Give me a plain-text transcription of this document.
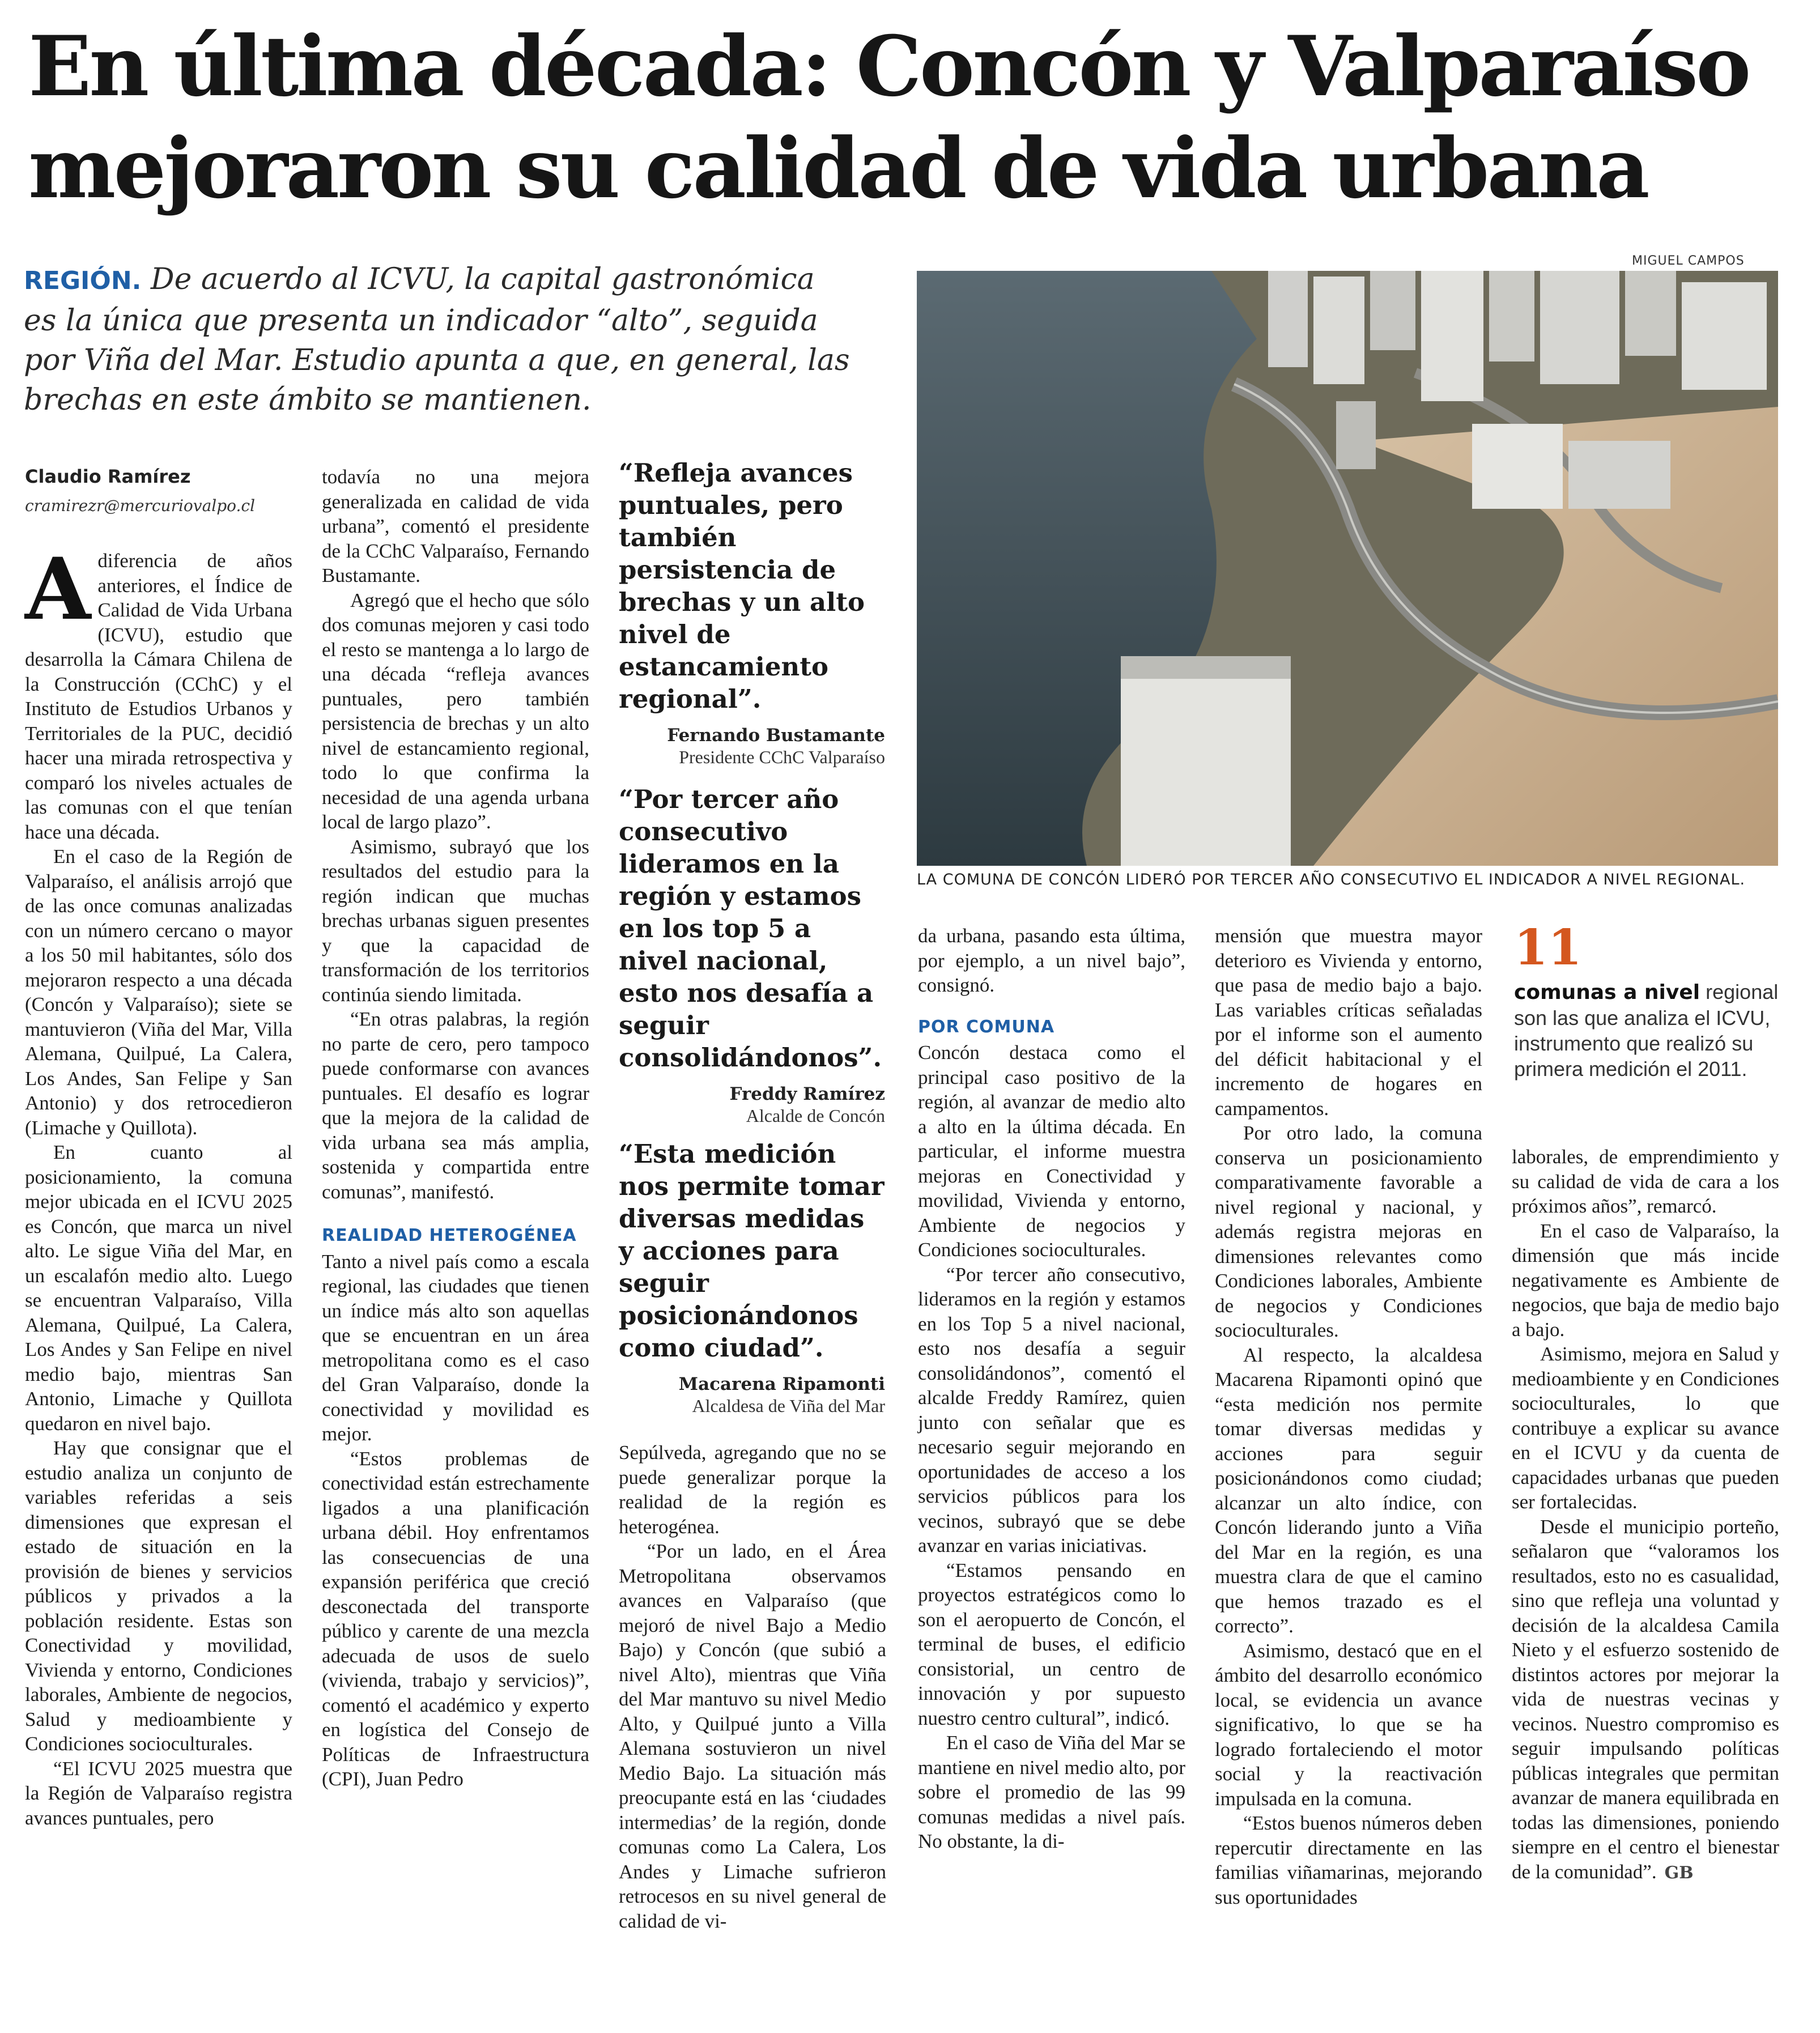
En última década: Concón y Valparaíso mejoraron su calidad de vida urbana
REGIÓN. De acuerdo al ICVU, la capital gastronómica es la única que presenta un indicador “alto”, seguida por Viña del Mar. Estudio apunta a que, en general, las brechas en este ámbito se mantienen.
MIGUEL CAMPOS
LA COMUNA DE CONCÓN LIDERÓ POR TERCER AÑO CONSECUTIVO EL INDICADOR A NIVEL REGIONAL.
Claudio Ramírez
cramirezr@mercuriovalpo.cl

Adiferencia de años anteriores, el Índice de Calidad de Vida Urbana (ICVU), estudio que desarrolla la Cámara Chilena de la Construcción (CChC) y el Instituto de Estudios Urbanos y Territoriales de la PUC, decidió hacer una mirada retrospectiva y comparó los niveles actuales de las comunas con el que tenían hace una década.

En el caso de la Región de Valparaíso, el análisis arrojó que de las once comunas analizadas con un número cercano o mayor a los 50 mil habitantes, sólo dos mejoraron respecto a una década (Concón y Valparaíso); siete se mantuvieron (Viña del Mar, Villa Alemana, Quilpué, La Calera, Los Andes, San Felipe y San Antonio) y dos retrocedieron (Limache y Quillota).

En cuanto al posicionamiento, la comuna mejor ubicada en el ICVU 2025 es Concón, que marca un nivel alto. Le sigue Viña del Mar, en un escalafón medio alto. Luego se encuentran Valparaíso, Villa Alemana, Quilpué, La Calera, Los Andes y San Felipe en nivel medio bajo, mientras San Antonio, Limache y Quillota quedaron en nivel bajo.

Hay que consignar que el estudio analiza un conjunto de variables referidas a seis dimensiones que expresan el estado de situación en la provisión de bienes y servicios públicos y privados a la población residente. Estas son Conectividad y movilidad, Vivienda y entorno, Condiciones laborales, Ambiente de negocios, Salud y medioambiente y Condiciones socioculturales.

“El ICVU 2025 muestra que la Región de Valparaíso registra avances puntuales, pero

todavía no una mejora generalizada en calidad de vida urbana”, comentó el presidente de la CChC Valparaíso, Fernando Bustamante.

Agregó que el hecho que sólo dos comunas mejoren y casi todo el resto se mantenga a lo largo de una década “refleja avances puntuales, pero también persistencia de brechas y un alto nivel de estancamiento regional, todo lo que confirma la necesidad de una agenda urbana local de largo plazo”.

Asimismo, subrayó que los resultados del estudio para la región indican que muchas brechas urbanas siguen presentes y que la capacidad de transformación de los territorios continúa siendo limitada.

“En otras palabras, la región no parte de cero, pero tampoco puede conformarse con avances puntuales. El desafío es lograr que la mejora de la calidad de vida urbana sea más amplia, sostenida y compartida entre comunas”, manifestó.

REALIDAD HETEROGÉNEA

Tanto a nivel país como a escala regional, las ciudades que tienen un índice más alto son aquellas que se encuentran en un área metropolitana como es el caso del Gran Valparaíso, donde la conectividad y movilidad es mejor.

“Estos problemas de conectividad están estrechamente ligados a una planificación urbana débil. Hoy enfrentamos las consecuencias de una expansión periférica que creció desconectada del transporte público y carente de una mezcla adecuada de usos de suelo (vivienda, trabajo y servicios)”, comentó el académico y experto en logística del Consejo de Políticas de Infraestructura (CPI), Juan Pedro

“Refleja avances puntuales, pero también persistencia de brechas y un alto nivel de estancamiento regional”.
Fernando Bustamante
Presidente CChC Valparaíso
“Por tercer año consecutivo lideramos en la región y estamos en los top 5 a nivel nacional, esto nos desafía a seguir consolidándonos”.
Freddy Ramírez
Alcalde de Concón
“Esta medición nos permite tomar diversas medidas y acciones para seguir posicionándonos como ciudad”.
Macarena Ripamonti
Alcaldesa de Viña del Mar

Sepúlveda, agregando que no se puede generalizar porque la realidad de la región es heterogénea.

“Por un lado, en el Área Metropolitana observamos avances en Valparaíso (que mejoró de nivel Bajo a Medio Bajo) y Concón (que subió a nivel Alto), mientras que Viña del Mar mantuvo su nivel Medio Alto, y Quilpué junto a Villa Alemana sostuvieron un nivel Medio Bajo. La situación más preocupante está en las ‘ciudades intermedias’ de la región, donde comunas como La Calera, Los Andes y Limache sufrieron retrocesos en su nivel general de calidad de vi-

da urbana, pasando esta última, por ejemplo, a un nivel bajo”, consignó.

POR COMUNA

Concón destaca como el principal caso positivo de la región, al avanzar de medio alto a alto en la última década. En particular, el informe muestra mejoras en Conectividad y movilidad, Vivienda y entorno, Ambiente de negocios y Condiciones socioculturales.

“Por tercer año consecutivo, lideramos en la región y estamos en los Top 5 a nivel nacional, esto nos desafía a seguir consolidándonos”, comentó el alcalde Freddy Ramírez, quien junto con señalar que es necesario seguir mejorando en oportunidades de acceso a los servicios públicos para los vecinos, subrayó que se debe avanzar en varias iniciativas.

“Estamos pensando en proyectos estratégicos como lo son el aeropuerto de Concón, el terminal de buses, el edificio consistorial, un centro de innovación y por supuesto nuestro centro cultural”, indicó.

En el caso de Viña del Mar se mantiene en nivel medio alto, por sobre el promedio de las 99 comunas medidas a nivel país. No obstante, la di-

mensión que muestra mayor deterioro es Vivienda y entorno, que pasa de medio bajo a bajo. Las variables críticas señaladas por el informe son el aumento del déficit habitacional y el incremento de hogares en campamentos.

Por otro lado, la comuna conserva un posicionamiento comparativamente favorable a nivel regional y nacional, y además registra mejoras en dimensiones relevantes como Condiciones laborales, Ambiente de negocios y Condiciones socioculturales.

Al respecto, la alcaldesa Macarena Ripamonti opinó que “esta medición nos permite tomar diversas medidas y acciones para seguir posicionándonos como ciudad; alcanzar un alto índice, con Concón liderando junto a Viña del Mar en la región, es una muestra clara de que el camino que hemos trazado es el correcto”.

Asimismo, destacó que en el ámbito del desarrollo económico local, se evidencia un avance significativo, lo que se ha logrado fortaleciendo el motor social y la reactivación impulsada en la comuna.

“Estos buenos números deben repercutir directamente en las familias viñamarinas, mejorando sus oportunidades

11
comunas a nivel regional son las que analiza el ICVU, instrumento que realizó su primera medición el 2011.

laborales, de emprendimiento y su calidad de vida de cara a los próximos años”, remarcó.

En el caso de Valparaíso, la dimensión que más incide negativamente es Ambiente de negocios, que baja de medio bajo a bajo.

Asimismo, mejora en Salud y medioambiente y en Condiciones socioculturales, lo que contribuye a explicar su avance en el ICVU y da cuenta de capacidades urbanas que pueden ser fortalecidas.

Desde el municipio porteño, señalaron que “valoramos los resultados, esto no es casualidad, sino que refleja una voluntad y decisión de la alcaldesa Camila Nieto y el esfuerzo sostenido de distintos actores por mejorar la vida de nuestras vecinas y vecinos. Nuestro compromiso es seguir impulsando políticas públicas integrales que permitan avanzar de manera equilibrada en todas las dimensiones, poniendo siempre en el centro el bienestar de la comunidad”. GB
